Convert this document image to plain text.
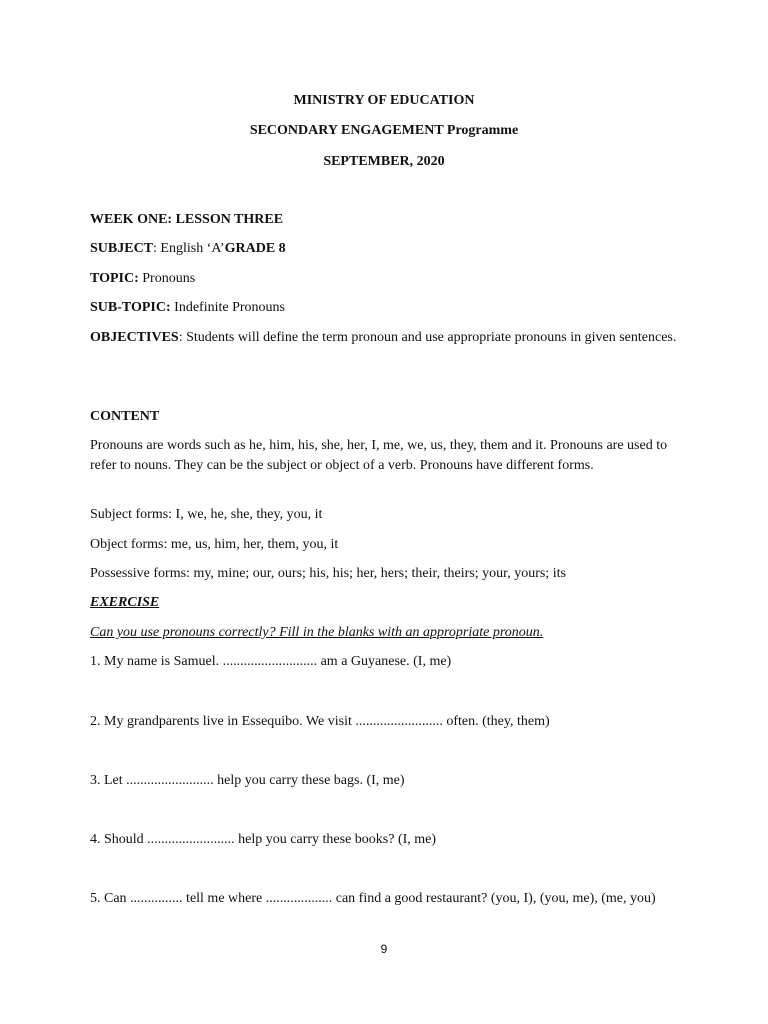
MINISTRY OF EDUCATION
SECONDARY ENGAGEMENT Programme
SEPTEMBER, 2020
WEEK ONE: LESSON THREE
SUBJECT: English ‘A’GRADE 8
TOPIC: Pronouns
SUB-TOPIC: Indefinite Pronouns
OBJECTIVES: Students will define the term pronoun and use appropriate pronouns in given sentences.
CONTENT
Pronouns are words such as he, him, his, she, her, I, me, we, us, they, them and it. Pronouns are used to refer to nouns. They can be the subject or object of a verb. Pronouns have different forms.
Subject forms: I, we, he, she, they, you, it
Object forms: me, us, him, her, them, you, it
Possessive forms: my, mine; our, ours; his, his; her, hers; their, theirs; your, yours; its
EXERCISE
Can you use pronouns correctly? Fill in the blanks with an appropriate pronoun.
1. My name is Samuel. ........................... am a Guyanese. (I, me)
2. My grandparents live in Essequibo. We visit ......................... often. (they, them)
3. Let ......................... help you carry these bags. (I, me)
4. Should ......................... help you carry these books? (I, me)
5. Can ............... tell me where ................... can find a good restaurant? (you, I), (you, me), (me, you)
9
